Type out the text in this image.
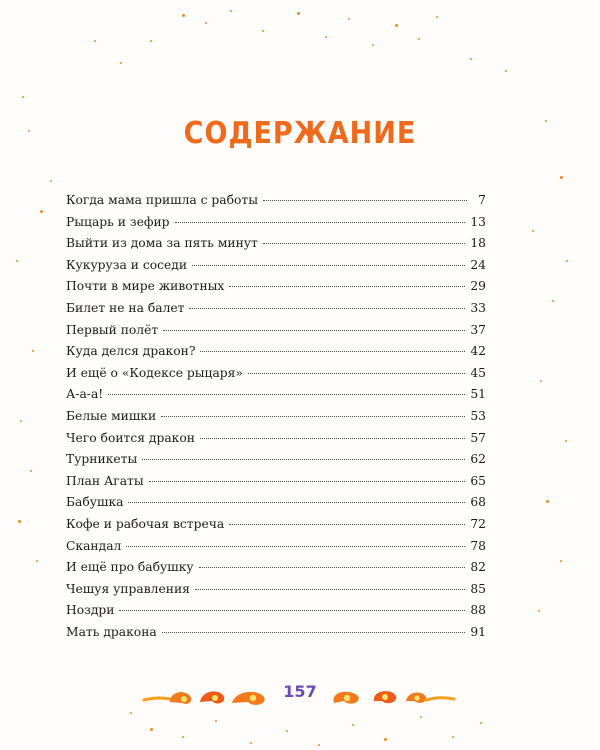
СОДЕРЖАНИЕ
Когда мама пришла с работы	7
Рыцарь и зефир	13
Выйти из дома за пять минут	18
Кукуруза и соседи	24
Почти в мире животных	29
Билет не на балет	33
Первый полёт	37
Куда делся дракон?	42
И ещё о «Кодексе рыцаря»	45
А-а-а!	51
Белые мишки	53
Чего боится дракон	57
Турникеты	62
План Агаты	65
Бабушка	68
Кофе и рабочая встреча	72
Скандал	78
И ещё про бабушку	82
Чешуя управления	85
Ноздри	88
Мать дракона	91
157
